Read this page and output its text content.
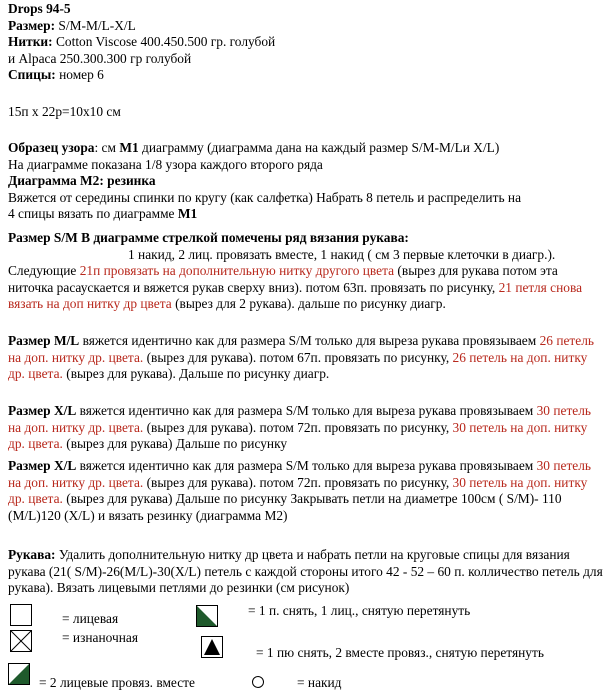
Drops 94-5
Размер: S/M-M/L-X/L
Нитки: Cotton Viscose 400.450.500 гр. голубой
и Alpaca 250.300.300 гр голубой
Спицы: номер 6
15п х 22р=10х10 см
Образец узора: см М1 диаграмму (диаграмма дана на каждый размер S/M-M/Lи X/L)
На диаграмме показана 1/8 узора каждого второго ряда
Диаграмма М2: резинка
Вяжется от середины спинки по кругу (как салфетка) Набрать 8 петель и распределить на
4 спицы вязать по диаграмме М1
Размер S/M В диаграмме стрелкой помечены ряд вязания рукава:
1 накид, 2 лиц. провязать вместе, 1 накид ( см 3 первые клеточки в диагр.). Следующие 21п провязать на дополнительную нитку другого цвета (вырез для рукава потом эта ниточка расаускается и вяжется рукав сверху вниз). потом 63п. провязать по рисунку, 21 петля снова вязать на доп нитку др цвета (вырез для 2 рукава). дальше по рисунку диагр.
Размер M/L вяжется идентично как для размера S/M только для выреза рукава провязываем 26 петель на доп. нитку др. цвета. (вырез для рукава). потом 67п. провязать по рисунку, 26 петель на доп. нитку др. цвета. (вырез для рукава). Дальше по рисунку диагр.
Размер X/L вяжется идентично как для размера S/M только для выреза рукава провязываем 30 петель на доп. нитку др. цвета. (вырез для рукава). потом 72п. провязать по рисунку, 30 петель на доп. нитку др. цвета. (вырез для рукава) Дальше по рисунку
Размер X/L вяжется идентично как для размера S/M только для выреза рукава провязываем 30 петель на доп. нитку др. цвета. (вырез для рукава). потом 72п. провязать по рисунку, 30 петель на доп. нитку др. цвета. (вырез для рукава) Дальше по рисунку Закрывать петли на диаметре 100см ( S/M)- 110 (M/L)120 (X/L) и вязать резинку (диаграмма М2)
Рукава: Удалить дополнительную нитку др цвета и набрать петли на круговые спицы для вязания рукава (21( S/M)-26(M/L)-30(X/L) петель с каждой стороны итого 42 - 52 – 60 п. колличество петель для рукава). Вязать лицевыми петлями до резинки (см рисунок)
= лицевая
= изнаночная
= 2 лицевые провяз. вместе
= 1 п. снять, 1 лиц., снятую перетянуть
= 1 пю снять, 2 вместе провяз., снятую перетянуть
= накид
